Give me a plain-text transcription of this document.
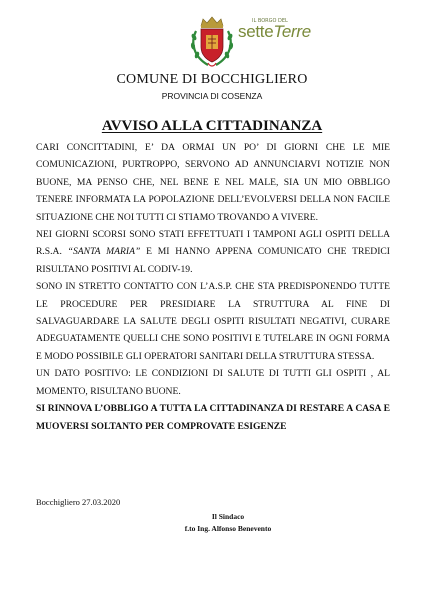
IL BORGO DEL
setteTerre
COMUNE DI BOCCHIGLIERO
PROVINCIA DI COSENZA
AVVISO ALLA CITTADINANZA

CARI CONCITTADINI, E’ DA ORMAI UN PO’ DI GIORNI CHE LE MIE COMUNICAZIONI, PURTROPPO, SERVONO AD ANNUNCIARVI NOTIZIE NON BUONE, MA PENSO CHE, NEL BENE E NEL MALE, SIA UN MIO OBBLIGO TENERE INFORMATA LA POPOLAZIONE DELL’EVOLVERSI DELLA NON FACILE SITUAZIONE CHE NOI TUTTI CI STIAMO TROVANDO A VIVERE.

NEI GIORNI SCORSI SONO STATI EFFETTUATI I TAMPONI AGLI OSPITI DELLA R.S.A. “SANTA MARIA” E MI HANNO APPENA COMUNICATO CHE TREDICI RISULTANO POSITIVI AL CODIV-19.

SONO IN STRETTO CONTATTO CON L’A.S.P. CHE STA PREDISPONENDO TUTTE LE PROCEDURE PER PRESIDIARE LA STRUTTURA AL FINE DI SALVAGUARDARE LA SALUTE DEGLI OSPITI RISULTATI NEGATIVI, CURARE ADEGUATAMENTE QUELLI CHE SONO POSITIVI E TUTELARE IN OGNI FORMA E MODO POSSIBILE GLI OPERATORI SANITARI DELLA STRUTTURA STESSA.

UN DATO POSITIVO: LE CONDIZIONI DI SALUTE DI TUTTI GLI OSPITI , AL MOMENTO, RISULTANO BUONE.

SI RINNOVA L’OBBLIGO A TUTTA LA CITTADINANZA DI RESTARE A CASA E MUOVERSI SOLTANTO PER COMPROVATE ESIGENZE

Bocchigliero 27.03.2020
Il Sindaco
f.to Ing. Alfonso Benevento
